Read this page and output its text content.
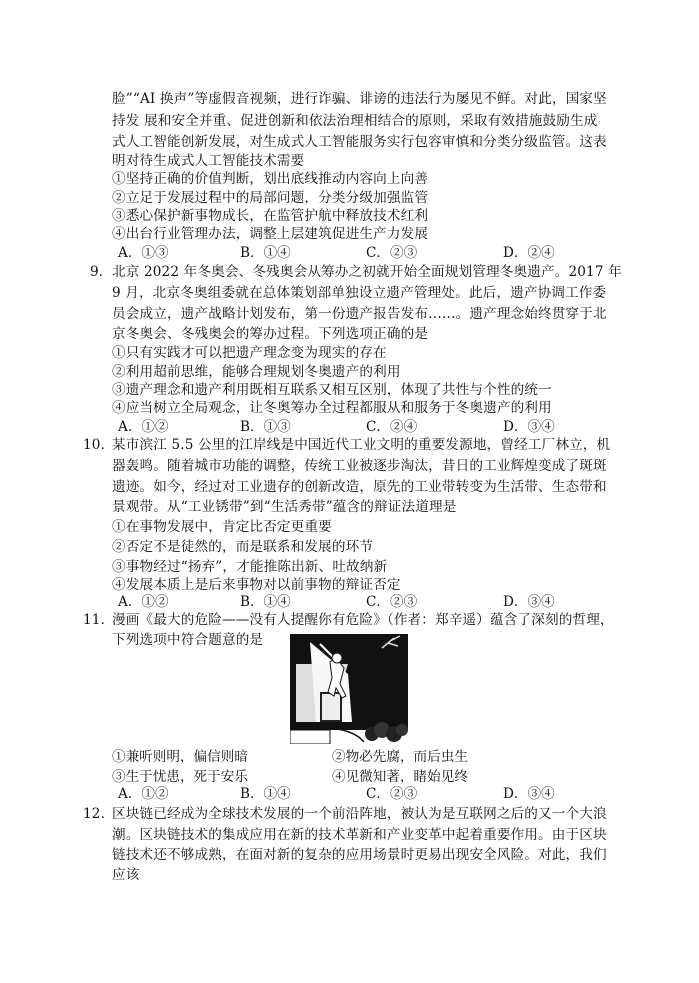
脸”“AI 换声”等虚假音视频，进行诈骗、诽谤的违法行为屡见不鲜。对此，国家坚
持发 展和安全并重、促进创新和依法治理相结合的原则，采取有效措施鼓励生成
式人工智能创新发展，对生成式人工智能服务实行包容审慎和分类分级监管。这表
明对待生成式人工智能技术需要
①坚持正确的价值判断，划出底线推动内容向上向善
②立足于发展过程中的局部问题，分类分级加强监管
③悉心保护新事物成长，在监管护航中释放技术红利
④出台行业管理办法，调整上层建筑促进生产力发展
A．①③	B．①④	C．②③	D．②④
9． 北京 2022 年冬奥会、冬残奥会从筹办之初就开始全面规划管理冬奥遗产。2017 年
9 月，北京冬奥组委就在总体策划部单独设立遗产管理处。此后，遗产协调工作委
员会成立，遗产战略计划发布，第一份遗产报告发布……。遗产理念始终贯穿于北
京冬奥会、冬残奥会的筹办过程。下列选项正确的是
①只有实践才可以把遗产理念变为现实的存在
②利用超前思维，能够合理规划冬奥遗产的利用
③遗产理念和遗产利用既相互联系又相互区别，体现了共性与个性的统一
④应当树立全局观念，让冬奥筹办全过程都服从和服务于冬奥遗产的利用
A．①②	B．①③	C．②④	D．③④
10．
某市滨江 5.5 公里的江岸线是中国近代工业文明的重要发源地，曾经工厂林立，机
器轰鸣。随着城市功能的调整，传统工业被逐步淘汰，昔日的工业辉煌变成了斑斑
遗迹。如今，经过对工业遗存的创新改造，原先的工业带转变为生活带、生态带和
景观带。从“工业锈带”到“生活秀带”蕴含的辩证法道理是
①在事物发展中，肯定比否定更重要
②否定不是徒然的，而是联系和发展的环节
③事物经过“扬弃”，才能推陈出新、吐故纳新
④发展本质上是后来事物对以前事物的辩证否定
A．①②	B．①④	C．②③	D．③④
11．
漫画《最大的危险——没有人提醒你有危险》（作者：郑辛遥）蕴含了深刻的哲理，
下列选项中符合题意的是
①兼听则明，偏信则暗	②物必先腐，而后虫生
③生于忧患，死于安乐	④见微知著，睹始见终
A．①②	B．①④	C．②③	D．③④
12．
区块链已经成为全球技术发展的一个前沿阵地，被认为是互联网之后的又一个大浪
潮。区块链技术的集成应用在新的技术革新和产业变革中起着重要作用。由于区块
链技术还不够成熟，在面对新的复杂的应用场景时更易出现安全风险。对此，我们
应该
